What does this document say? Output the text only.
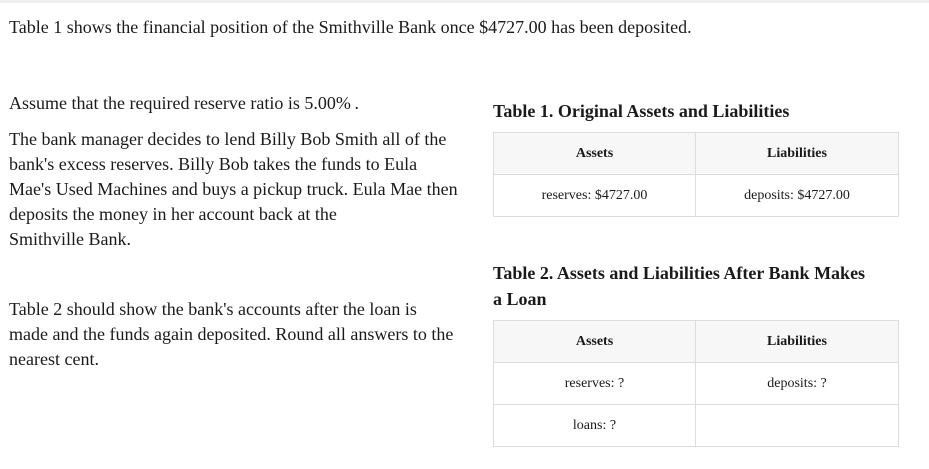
Table 1 shows the financial position of the Smithville Bank once $4727.00 has been deposited.
Assume that the required reserve ratio is 5.00% .
The bank manager decides to lend Billy Bob Smith all of the
bank's excess reserves. Billy Bob takes the funds to Eula
Mae's Used Machines and buys a pickup truck. Eula Mae then
deposits the money in her account back at the
Smithville Bank.
Table 2 should show the bank's accounts after the loan is
made and the funds again deposited. Round all answers to the
nearest cent.
Table 1. Original Assets and Liabilities
Assets	Liabilities
reserves: $4727.00	deposits: $4727.00
Table 2. Assets and Liabilities After Bank Makes
a Loan
Assets	Liabilities
reserves: ?	deposits: ?
loans: ?	
